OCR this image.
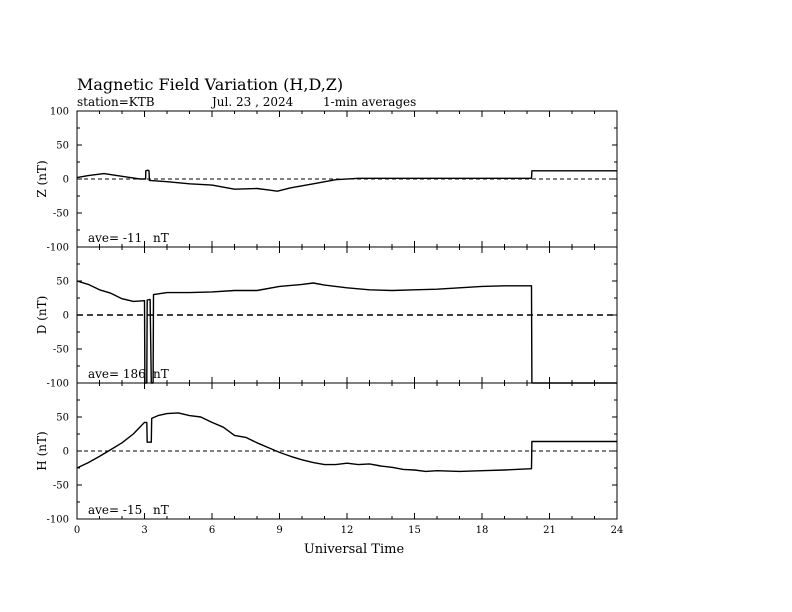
Magnetic Field Variation (H,D,Z)
station=KTB	Jul. 23 , 2024 1-min averages
100
50
0
-50
-100
Z (nT)
ave= -11 nT
50
0
-50
-100
D (nT)
ave= 186 nT
50
0
-50
-100
H (nT)
ave= -15 nT
0	3	6	9	12	15	18	21	24
Universal Time
